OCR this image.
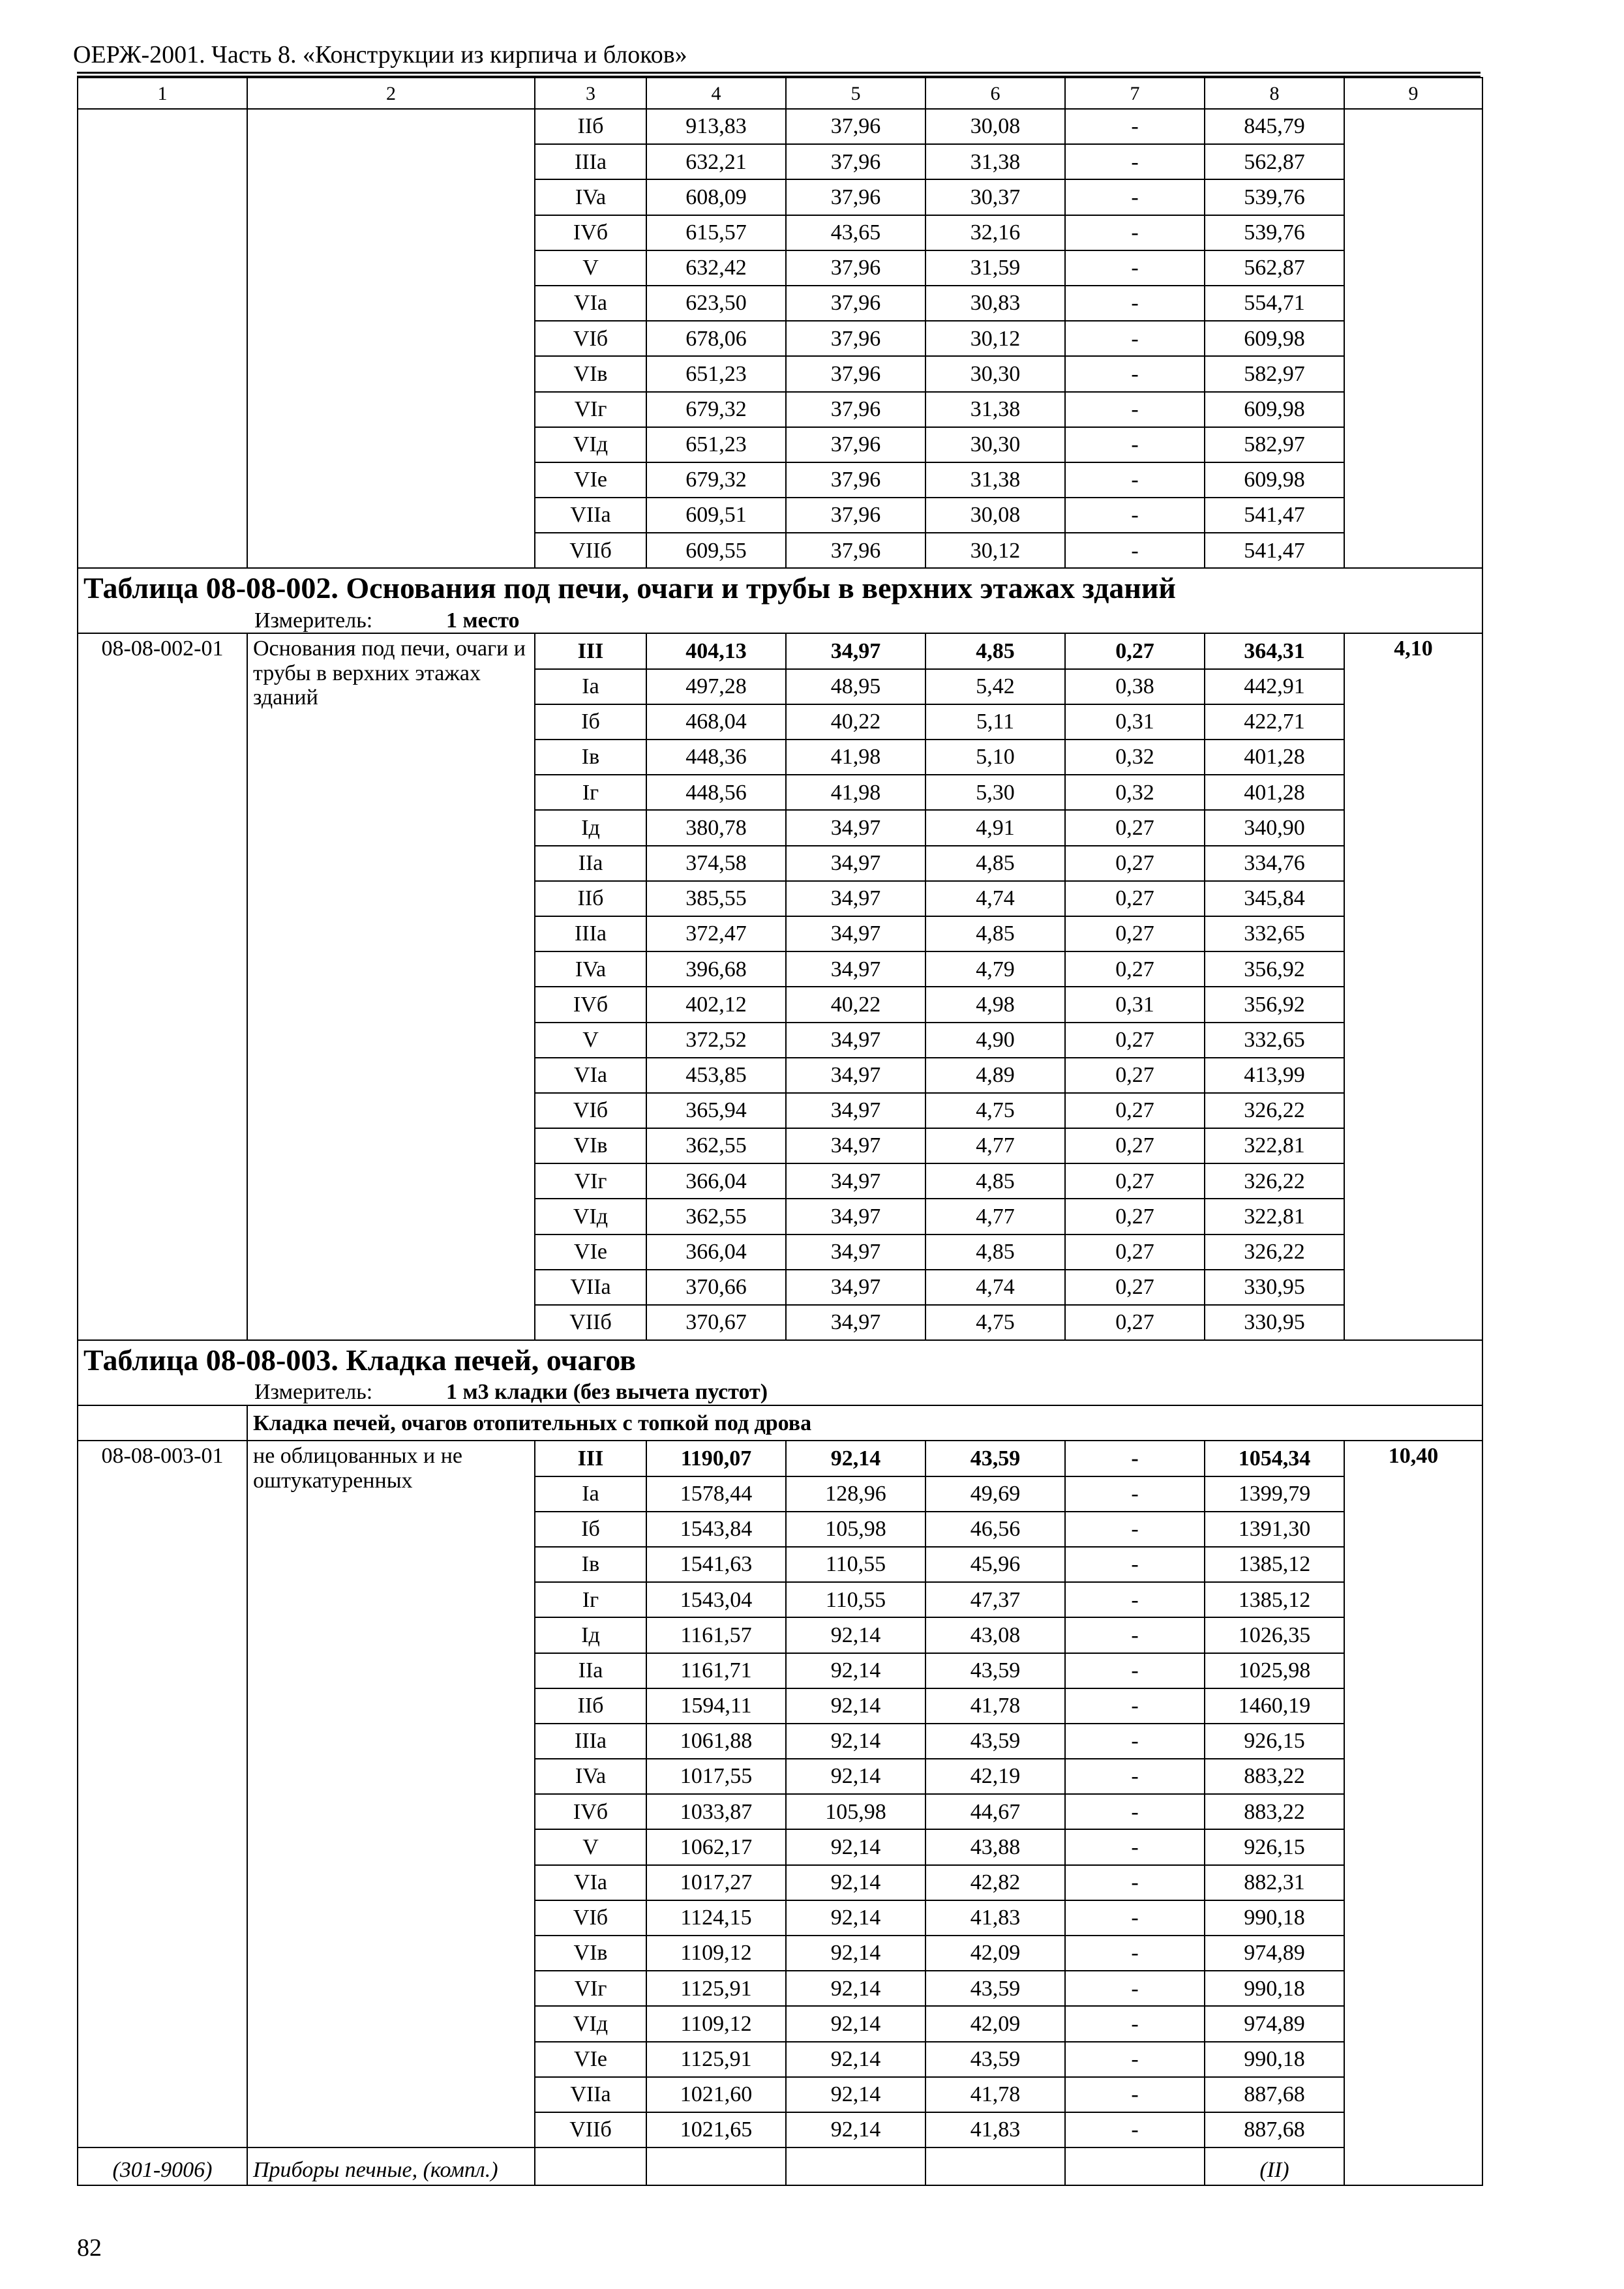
ОЕРЖ-2001. Часть 8. «Конструкции из кирпича и блоков»
1	2	3	4	5	6	7	8	9
		IIб	913,83	37,96	30,08	-	845,79	
		IIIa	632,21	37,96	31,38	-	562,87	
		IVa	608,09	37,96	30,37	-	539,76	
		IVб	615,57	43,65	32,16	-	539,76	
		V	632,42	37,96	31,59	-	562,87	
		VIa	623,50	37,96	30,83	-	554,71	
		VIб	678,06	37,96	30,12	-	609,98	
		VIв	651,23	37,96	30,30	-	582,97	
		VIг	679,32	37,96	31,38	-	609,98	
		VIд	651,23	37,96	30,30	-	582,97	
		VIe	679,32	37,96	31,38	-	609,98	
		VIIa	609,51	37,96	30,08	-	541,47	
		VIIб	609,55	37,96	30,12	-	541,47	
Таблица 08-08-002. Основания под печи, очаги и трубы в верхних этажах зданий								
Измеритель: 1 место								
08-08-002-01	Основания под печи, очаги и трубы в верхних этажах зданий	III	404,13	34,97	4,85	0,27	364,31	4,10
		Ia	497,28	48,95	5,42	0,38	442,91	
		Iб	468,04	40,22	5,11	0,31	422,71	
		Iв	448,36	41,98	5,10	0,32	401,28	
		Iг	448,56	41,98	5,30	0,32	401,28	
		Iд	380,78	34,97	4,91	0,27	340,90	
		IIa	374,58	34,97	4,85	0,27	334,76	
		IIб	385,55	34,97	4,74	0,27	345,84	
		IIIa	372,47	34,97	4,85	0,27	332,65	
		IVa	396,68	34,97	4,79	0,27	356,92	
		IVб	402,12	40,22	4,98	0,31	356,92	
		V	372,52	34,97	4,90	0,27	332,65	
		VIa	453,85	34,97	4,89	0,27	413,99	
		VIб	365,94	34,97	4,75	0,27	326,22	
		VIв	362,55	34,97	4,77	0,27	322,81	
		VIг	366,04	34,97	4,85	0,27	326,22	
		VIд	362,55	34,97	4,77	0,27	322,81	
		VIe	366,04	34,97	4,85	0,27	326,22	
		VIIa	370,66	34,97	4,74	0,27	330,95	
		VIIб	370,67	34,97	4,75	0,27	330,95	
Таблица 08-08-003. Кладка печей, очагов								
Измеритель: 1 м3 кладки (без вычета пустот)								
	Кладка печей, очагов отопительных с топкой под дрова							
08-08-003-01	не облицованных и не оштукатуренных	III	1190,07	92,14	43,59	-	1054,34	10,40
		Ia	1578,44	128,96	49,69	-	1399,79	
		Iб	1543,84	105,98	46,56	-	1391,30	
		Iв	1541,63	110,55	45,96	-	1385,12	
		Iг	1543,04	110,55	47,37	-	1385,12	
		Iд	1161,57	92,14	43,08	-	1026,35	
		IIa	1161,71	92,14	43,59	-	1025,98	
		IIб	1594,11	92,14	41,78	-	1460,19	
		IIIa	1061,88	92,14	43,59	-	926,15	
		IVa	1017,55	92,14	42,19	-	883,22	
		IVб	1033,87	105,98	44,67	-	883,22	
		V	1062,17	92,14	43,88	-	926,15	
		VIa	1017,27	92,14	42,82	-	882,31	
		VIб	1124,15	92,14	41,83	-	990,18	
		VIв	1109,12	92,14	42,09	-	974,89	
		VIг	1125,91	92,14	43,59	-	990,18	
		VIд	1109,12	92,14	42,09	-	974,89	
		VIe	1125,91	92,14	43,59	-	990,18	
		VIIa	1021,60	92,14	41,78	-	887,68	
		VIIб	1021,65	92,14	41,83	-	887,68	
(301-9006)	Приборы печные, (компл.)						(II)	
82
